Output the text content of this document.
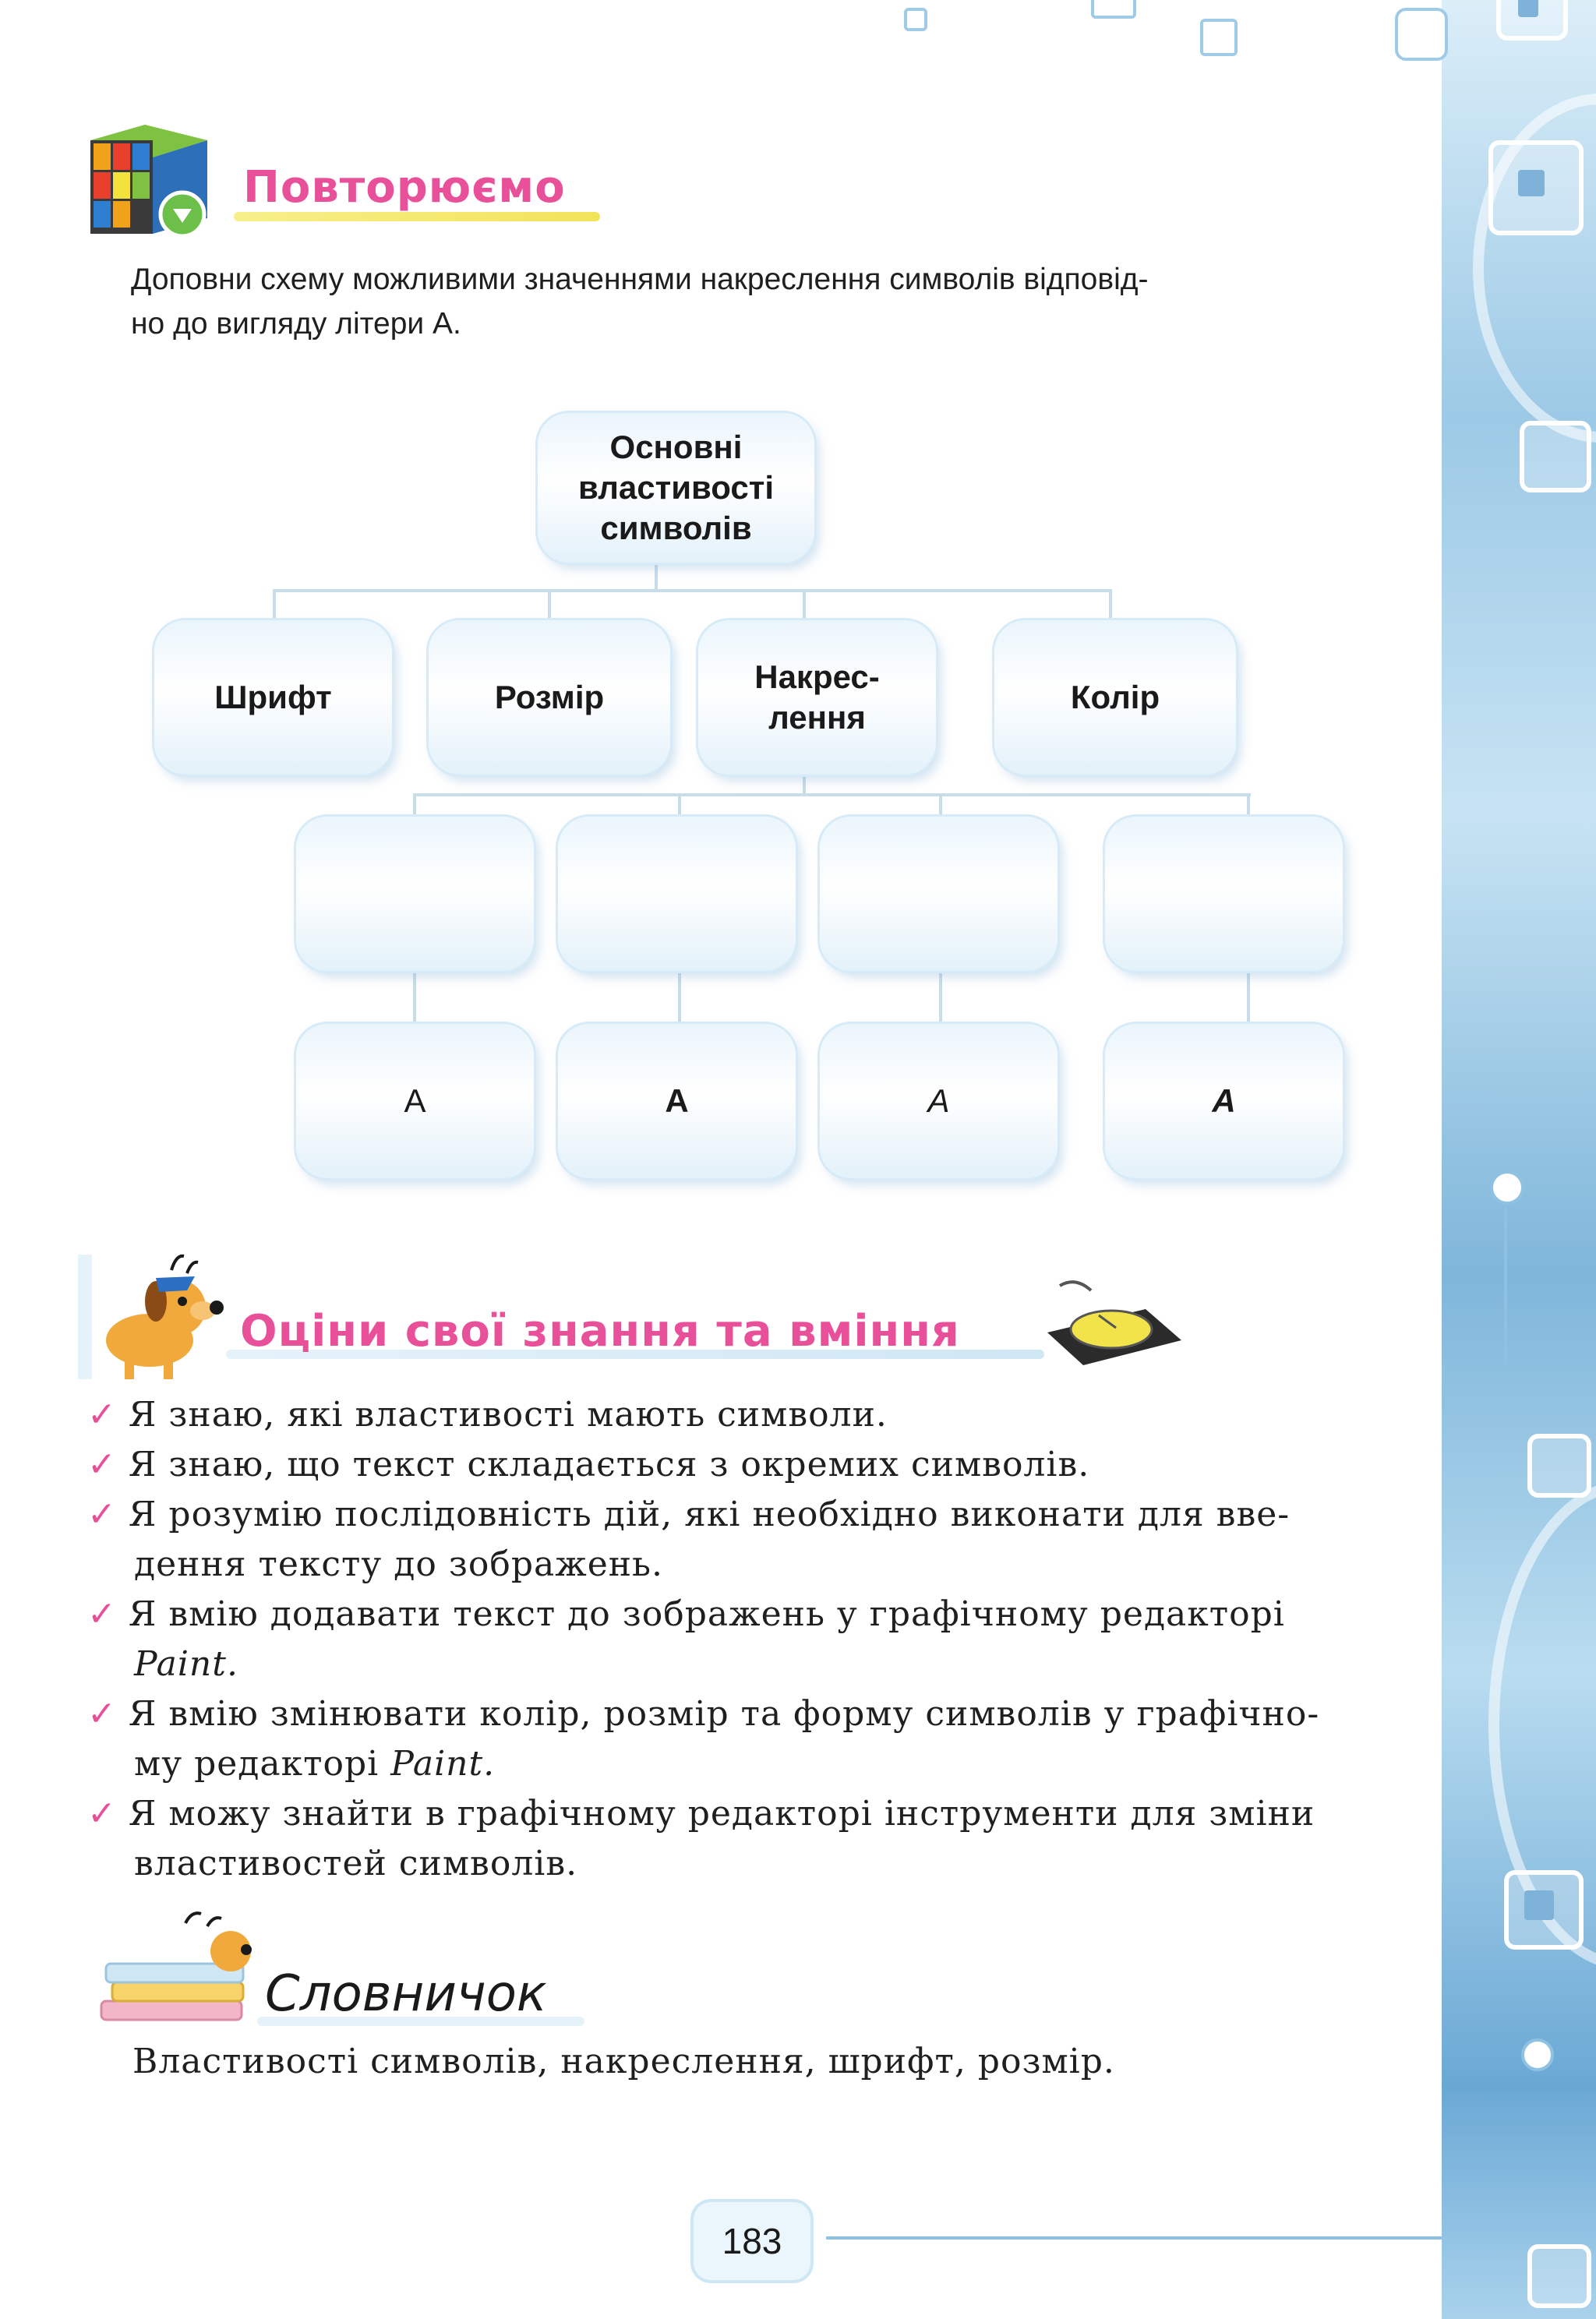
Повторюємо
Доповни схему можливими значеннями накреслення символів відповід-
но до вигляду літери А.
Основні
властивості
символів
Шрифт	Розмір
Накрес-
лення
Колір
А	А	А	А
Оціни свої знання та вміння
✓ Я знаю, які властивості мають символи.
✓ Я знаю, що текст складається з окремих символів.
✓ Я розумію послідовність дій, які необхідно виконати для вве-
дення тексту до зображень.
✓ Я вмію додавати текст до зображень у графічному редакторі
Paint.
✓ Я вмію змінювати колір, розмір та форму символів у графічно-
му редакторі Paint.
✓ Я можу знайти в графічному редакторі інструменти для зміни
властивостей символів.
Словничок
Властивості символів, накреслення, шрифт, розмір.
183
